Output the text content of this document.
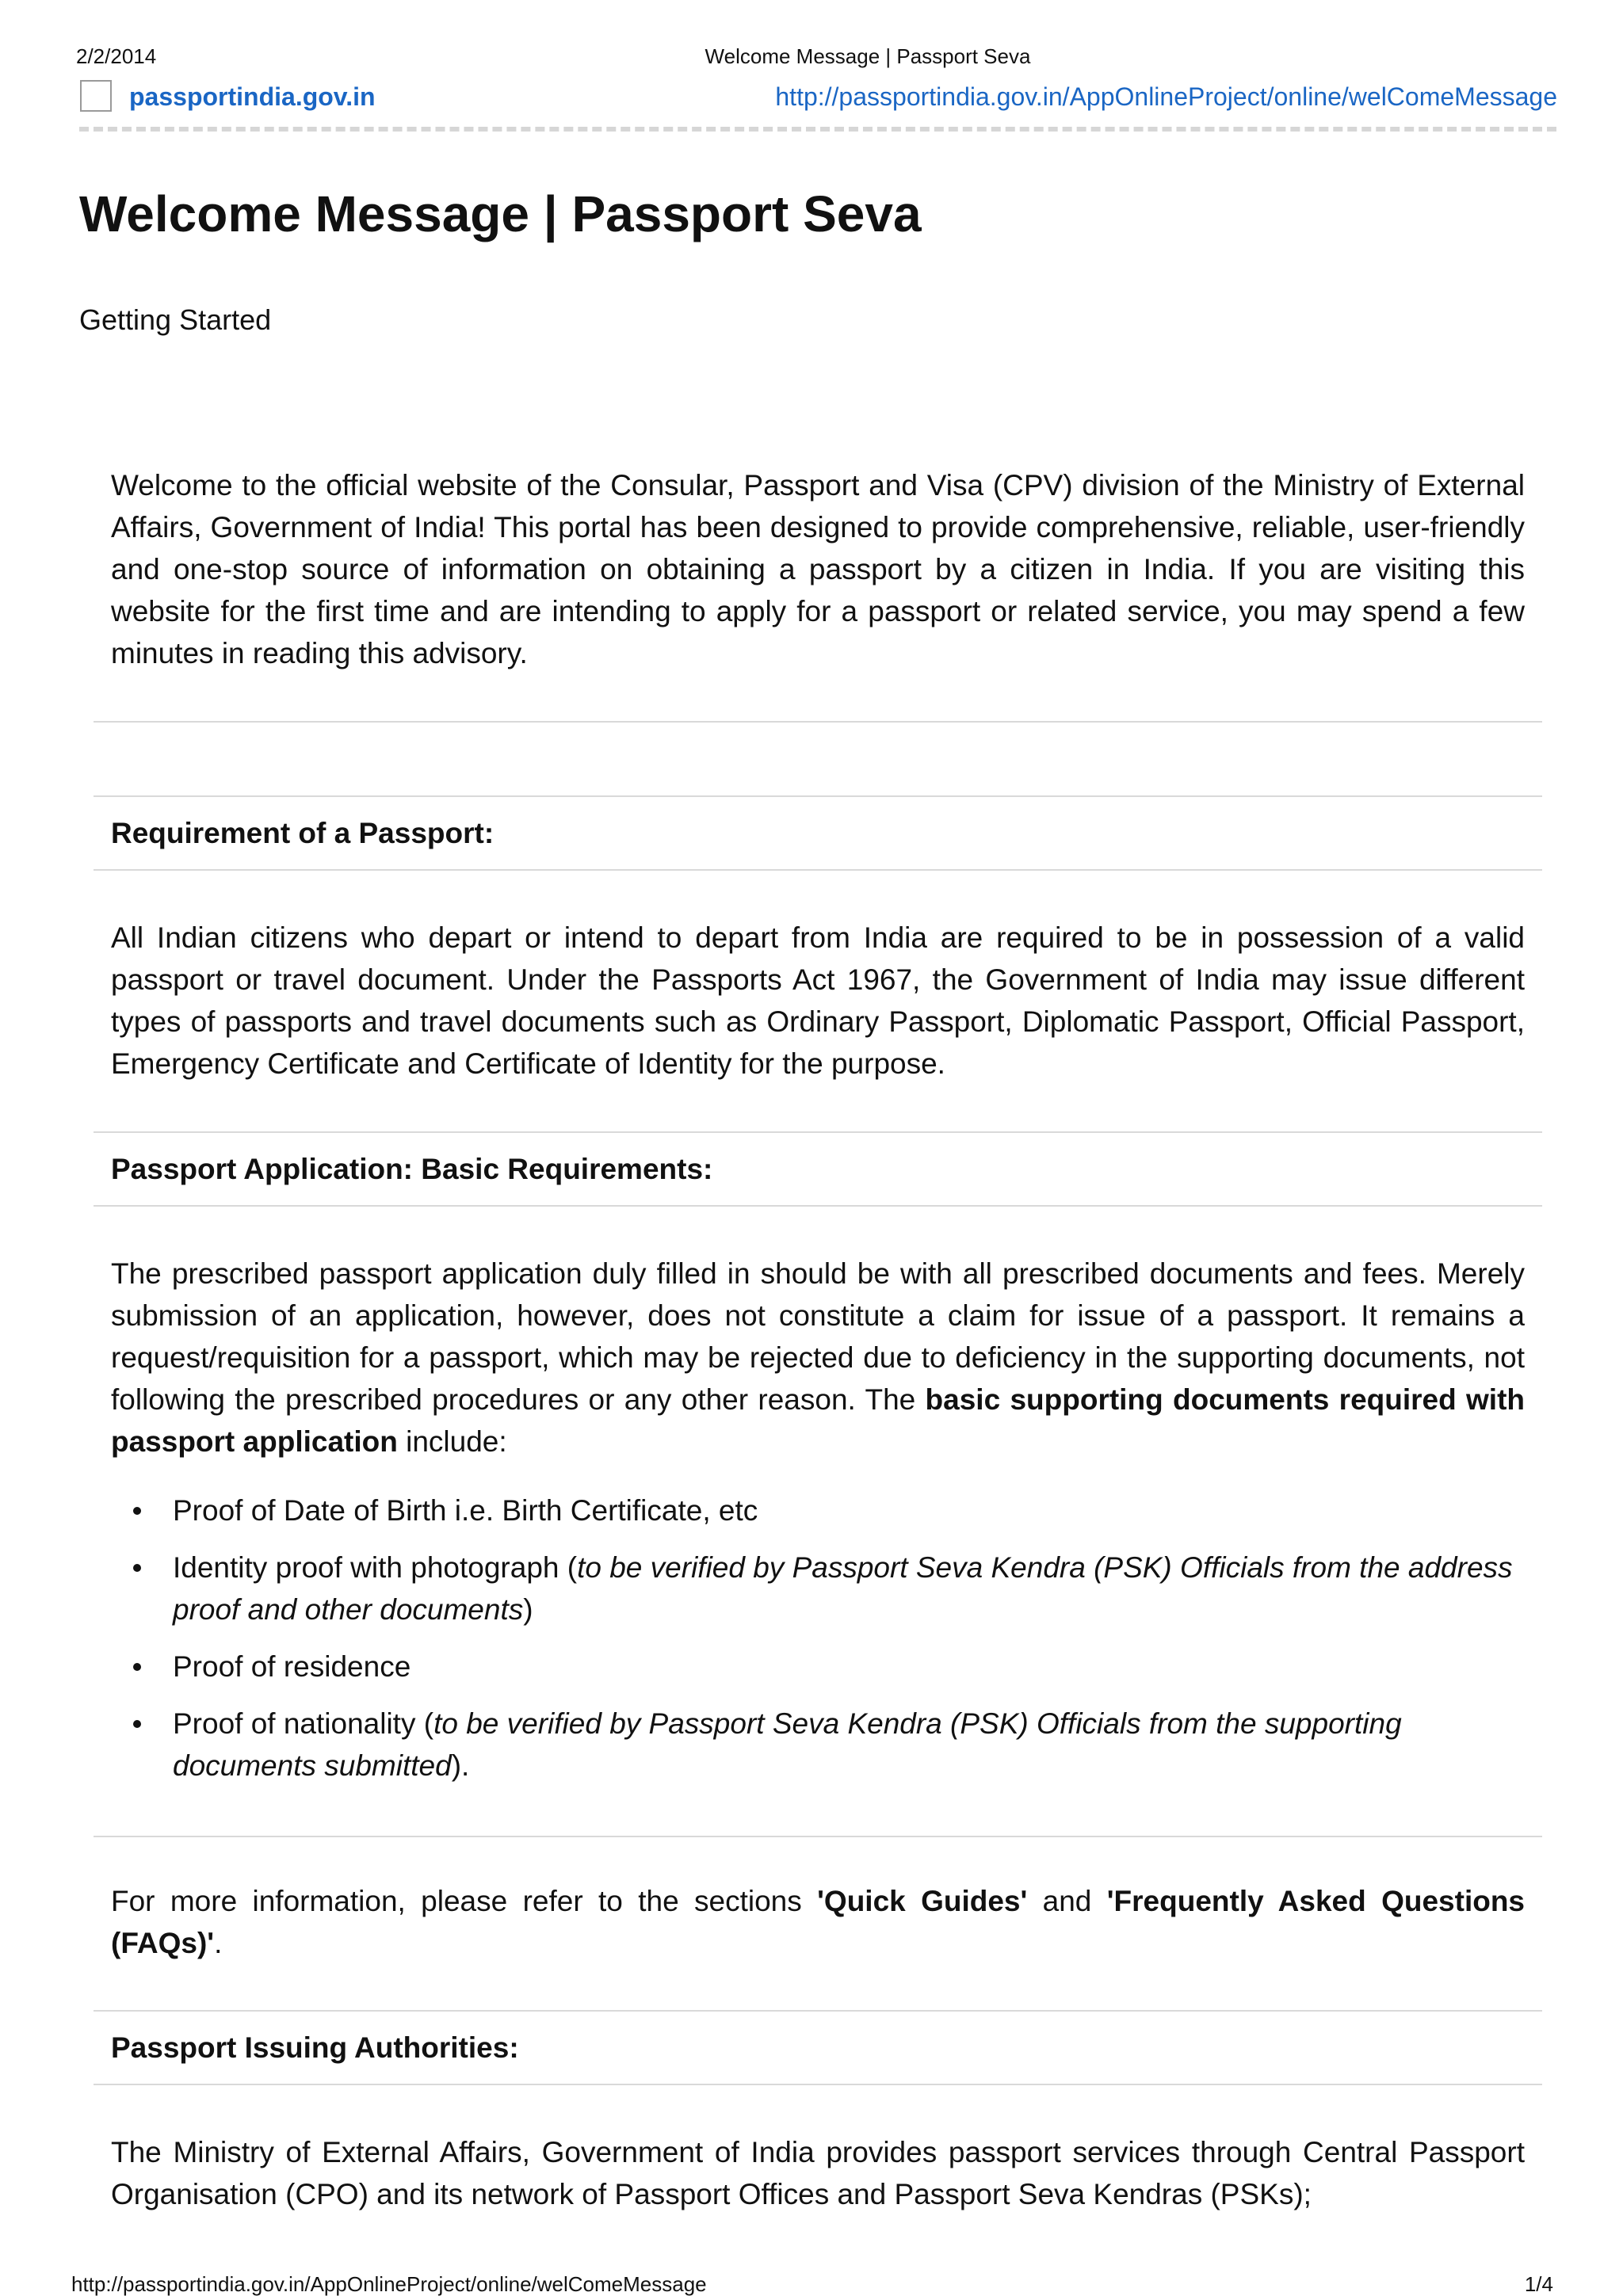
2/2/2014	Welcome Message | Passport Seva
passportindia.gov.in	http://passportindia.gov.in/AppOnlineProject/online/welComeMessage
Welcome Message | Passport Seva
Getting Started

Welcome to the official website of the Consular, Passport and Visa (CPV) division of the Ministry of External Affairs, Government of India! This portal has been designed to provide comprehensive, reliable, user-friendly and one-stop source of information on obtaining a passport by a citizen in India. If you are visiting this website for the first time and are intending to apply for a passport or related service, you may spend a few minutes in reading this advisory.

Requirement of a Passport:

All Indian citizens who depart or intend to depart from India are required to be in possession of a valid passport or travel document. Under the Passports Act 1967, the Government of India may issue different types of passports and travel documents such as Ordinary Passport, Diplomatic Passport, Official Passport, Emergency Certificate and Certificate of Identity for the purpose.

Passport Application: Basic Requirements:

The prescribed passport application duly filled in should be with all prescribed documents and fees. Merely submission of an application, however, does not constitute a claim for issue of a passport. It remains a request/requisition for a passport, which may be rejected due to deficiency in the supporting documents, not following the prescribed procedures or any other reason. The basic supporting documents required with passport application include:

Proof of Date of Birth i.e. Birth Certificate, etc
Identity proof with photograph (to be verified by Passport Seva Kendra (PSK) Officials from the address proof and other documents)
Proof of residence
Proof of nationality (to be verified by Passport Seva Kendra (PSK) Officials from the supporting documents submitted).

For more information, please refer to the sections 'Quick Guides' and 'Frequently Asked Questions (FAQs)'.

Passport Issuing Authorities:

The Ministry of External Affairs, Government of India provides passport services through Central Passport Organisation (CPO) and its network of Passport Offices and Passport Seva Kendras (PSKs);

http://passportindia.gov.in/AppOnlineProject/online/welComeMessage	1/4
